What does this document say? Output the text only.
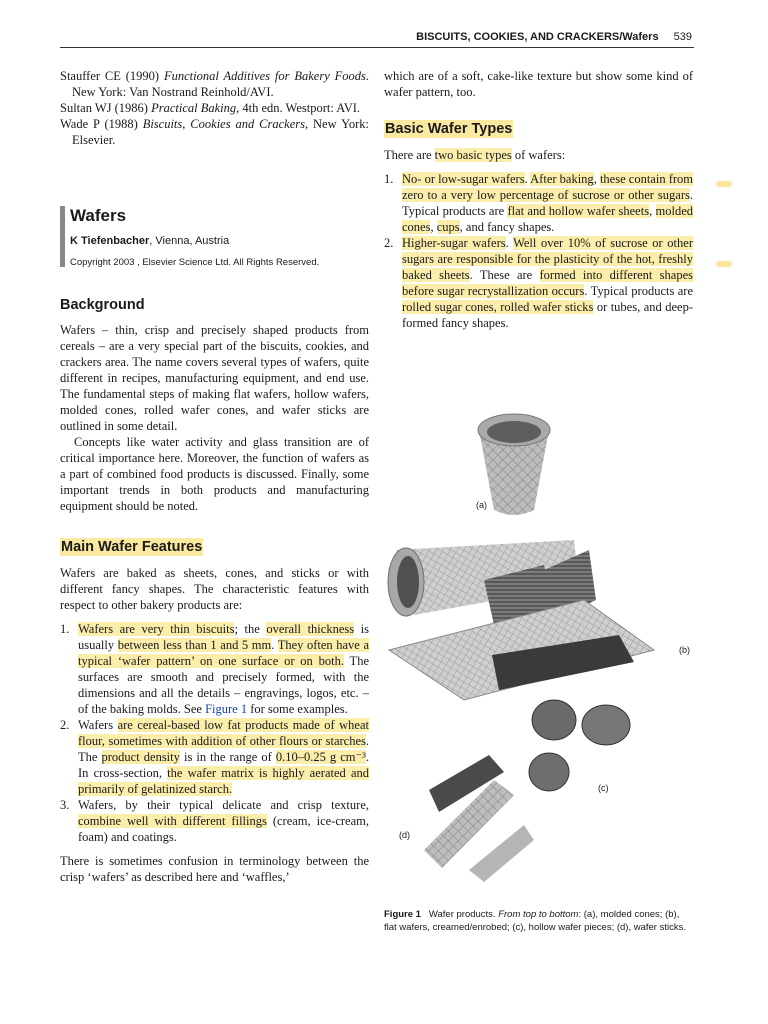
BISCUITS, COOKIES, AND CRACKERS/Wafers 539

Stauffer CE (1990) Functional Additives for Bakery Foods. New York: Van Nostrand Reinhold/AVI.

Sultan WJ (1986) Practical Baking, 4th edn. Westport: AVI.

Wade P (1988) Biscuits, Cookies and Crackers, New York: Elsevier.

Wafers
K Tiefenbacher, Vienna, Austria
Copyright 2003 , Elsevier Science Ltd. All Rights Reserved.
Background

Wafers – thin, crisp and precisely shaped products from cereals – are a very special part of the biscuits, cookies, and crackers area. The name covers several types of wafers, quite different in recipes, manufacturing equipment, and end use. The fundamental steps of making flat wafers, hollow wafers, molded cones, rolled wafer cones, and wafer sticks are outlined in some detail.

Concepts like water activity and glass transition are of critical importance here. Moreover, the function of wafers as a part of combined food products is discussed. Finally, some important trends in both products and manufacturing equipment should be noted.

Main Wafer Features

Wafers are baked as sheets, cones, and sticks or with different fancy shapes. The characteristic features with respect to other bakery products are:

1. Wafers are very thin biscuits; the overall thickness is usually between less than 1 and 5 mm. They often have a typical ‘wafer pattern’ on one surface or on both. The surfaces are smooth and precisely formed, with the dimensions and all the details – engravings, logos, etc. – of the baking molds. See Figure 1 for some examples.
2. Wafers are cereal-based low fat products made of wheat flour, sometimes with addition of other flours or starches. The product density is in the range of 0.10–0.25 g cm⁻³. In cross-section, the wafer matrix is highly aerated and primarily of gelatinized starch.
3. Wafers, by their typical delicate and crisp texture, combine well with different fillings (cream, ice-cream, foam) and coatings.

There is sometimes confusion in terminology between the crisp ‘wafers’ as described here and ‘waffles,’

which are of a soft, cake-like texture but show some kind of wafer pattern, too.

Basic Wafer Types

There are two basic types of wafers:

1. No- or low-sugar wafers. After baking, these contain from zero to a very low percentage of sucrose or other sugars. Typical products are flat and hollow wafer sheets, molded cones, cups, and fancy shapes.
2. Higher-sugar wafers. Well over 10% of sucrose or other sugars are responsible for the plasticity of the hot, freshly baked sheets. These are formed into different shapes before sugar recrystallization occurs. Typical products are rolled sugar cones, rolled wafer sticks or tubes, and deep-formed fancy shapes.
(a)
(b)
(c)
(d)
Figure 1 Wafer products. From top to bottom: (a), molded cones; (b), flat wafers, creamed/enrobed; (c), hollow wafer pieces; (d), wafer sticks.
